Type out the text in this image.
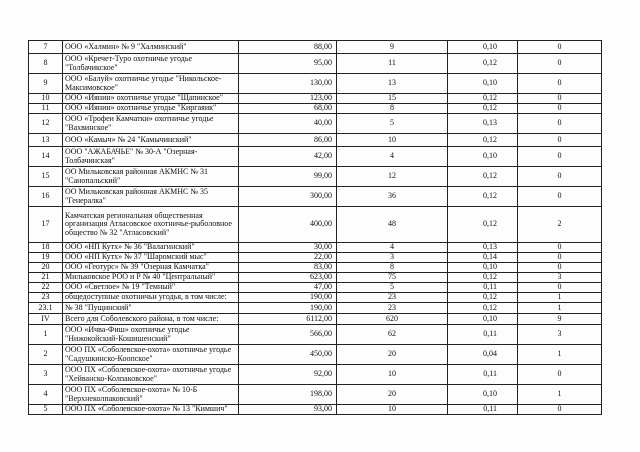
7	ООО «Халмин» № 9 "Халминский"	88,00	9	0,10	0
8	ООО «Кречет-Туро охотничье угодье "Толбачикское"	95,00	11	0,12	0
9	ООО «Балуй» охотничье угодье "Никольское-Максимовское"	130,00	13	0,10	0
10	ООО «Иянин» охотничье угодье "Щапинское"	123,00	15	0,12	0
11	ООО «Иянин» охотничье угодье "Киргаяик"	68,00	8	0,12	0
12	ООО «Трофеи Камчатки» охотничье угодье "Вахвинское"	40,00	5	0,13	0
13	ООО «Камыч» № 24 "Камычинский"	86,00	10	0,12	0
14	ООО "АЖАБАЧЬЕ" № 30-А "Озерная- Толбачинская"	42,00	4	0,10	0
15	ОО Мильковская районная АКМНС № 31 "Санопальский"	99,00	12	0,12	0
16	ОО Мильковская районная АКМНС № 35 "Генералка"	300,00	36	0,12	0
17	Камчатская региональная общественная организация Атласовское охотничье-рыболовное общество № 32 "Атласовский"	400,00	48	0,12	2
18	ООО «НП Кутх» № 36 "Валагинский"	30,00	4	0,13	0
19	ООО «НП Кутх» № 37 "Шаромский мыс"	22,00	3	0,14	0
20	ООО «Геотурс» № 39 "Озерная Камчатка"	83,00	8	0,10	0
21	Мильковское РОО и Р № 40 "Центральный"	623,00	75	0,12	3
22	ООО «Светлое» № 19 "Темный"	47,00	5	0,11	0
23	общедоступные охотничьи угодья, в том числе:	190,00	23	0,12	1
23.1	№ 38 "Пущинский"	190,00	23	0,12	1
IV	Всего для Соболевского района, в том числе:	6112,00	620	0,10	9
1	ООО «Ичва-Фиш» охотничье угодье "Нижокойский-Кошишенский"	566,00	62	0,11	3
2	ООО ПХ «Соболевское-охота» охотничье угодье "Садушкинско-Коопское"	450,00	20	0,04	1
3	ООО ПХ «Соболевское-охота» охотничье угодье "Хейванско-Колпаковское"	92,00	10	0,11	0
4	ООО ПХ «Соболевское-охота» № 10-Б "Верхнеколпаковский"	198,00	20	0,10	1
5	ООО ПХ «Соболевское-охота» № 13 "Кимшич"	93,00	10	0,11	0
